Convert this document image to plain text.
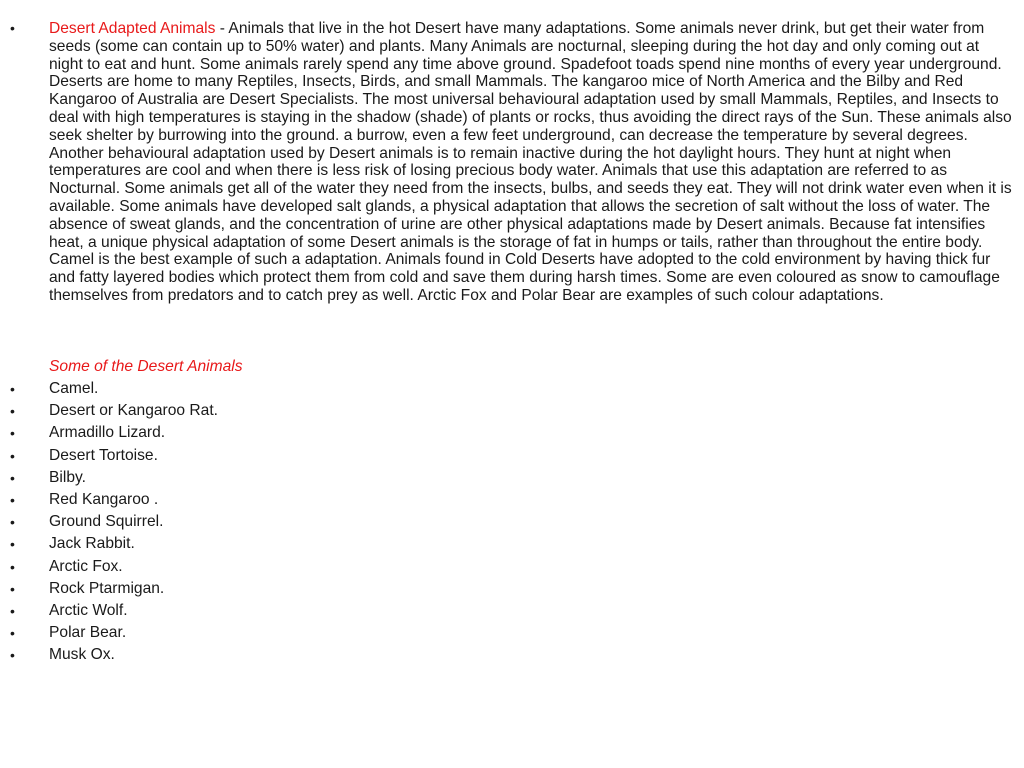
• Desert Adapted Animals - Animals that live in the hot Desert have many adaptations. Some animals never drink, but get their water from seeds (some can contain up to 50% water) and plants. Many Animals are nocturnal, sleeping during the hot day and only coming out at night to eat and hunt. Some animals rarely spend any time above ground. Spadefoot toads spend nine months of every year underground. Deserts are home to many Reptiles, Insects, Birds, and small Mammals. The kangaroo mice of North America and the Bilby and Red Kangaroo of Australia are Desert Specialists. The most universal behavioural adaptation used by small Mammals, Reptiles, and Insects to deal with high temperatures is staying in the shadow (shade) of plants or rocks, thus avoiding the direct rays of the Sun. These animals also seek shelter by burrowing into the ground. a burrow, even a few feet underground, can decrease the temperature by several degrees. Another behavioural adaptation used by Desert animals is to remain inactive during the hot daylight hours. They hunt at night when temperatures are cool and when there is less risk of losing precious body water. Animals that use this adaptation are referred to as Nocturnal. Some animals get all of the water they need from the insects, bulbs, and seeds they eat. They will not drink water even when it is available. Some animals have developed salt glands, a physical adaptation that allows the secretion of salt without the loss of water. The absence of sweat glands, and the concentration of urine are other physical adaptations made by Desert animals. Because fat intensifies heat, a unique physical adaptation of some Desert animals is the storage of fat in humps or tails, rather than throughout the entire body. Camel is the best example of such a adaptation. Animals found in Cold Deserts have adopted to the cold environment by having thick fur and fatty layered bodies which protect them from cold and save them during harsh times. Some are even coloured as snow to camouflage themselves from predators and to catch prey as well. Arctic Fox and Polar Bear are examples of such colour adaptations.

Some of the Desert Animals

• Camel.
• Desert or Kangaroo Rat.
• Armadillo Lizard.
• Desert Tortoise.
• Bilby.
• Red Kangaroo .
• Ground Squirrel.
• Jack Rabbit.
• Arctic Fox.
• Rock Ptarmigan.
• Arctic Wolf.
• Polar Bear.
• Musk Ox.
